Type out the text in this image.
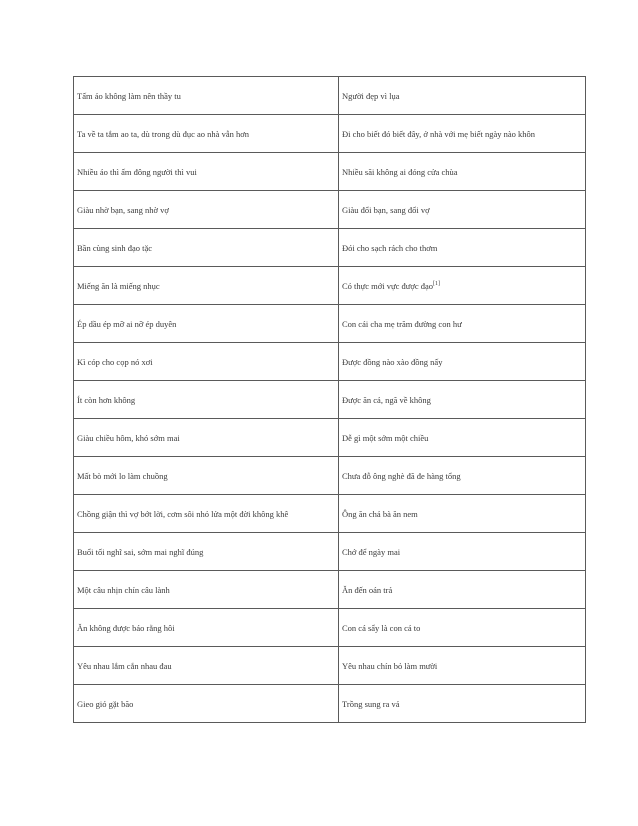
Tấm áo không làm nên thầy tu	Người đẹp vì lụa
Ta về ta tắm ao ta, dù trong dù đục ao nhà vẫn hơn	Đi cho biết đó biết đây, ở nhà với mẹ biết ngày nào khôn
Nhiều áo thì ấm đông người thì vui	Nhiều sãi không ai đóng cửa chùa
Giàu nhờ bạn, sang nhờ vợ	Giàu đổi bạn, sang đổi vợ
Bần cùng sinh đạo tặc	Đói cho sạch rách cho thơm
Miếng ăn là miếng nhục	Có thực mới vực được đạo[1]
Ép dầu ép mỡ ai nỡ ép duyên	Con cái cha mẹ trăm đường con hư
Kì cóp cho cọp nó xơi	Được đồng nào xào đồng nấy
Ít còn hơn không	Được ăn cả, ngã về không
Giàu chiều hôm, khó sớm mai	Dễ gì một sớm một chiều
Mất bò mới lo làm chuồng	Chưa đỗ ông nghè đã đe hàng tổng
Chồng giận thì vợ bớt lời, cơm sôi nhỏ lửa một đời không khê	Ông ăn chả bà ăn nem
Buổi tối nghĩ sai, sớm mai nghĩ đúng	Chớ để ngày mai
Một câu nhịn chín câu lành	Ăn đến oán trả
Ăn không được báo rằng hôi	Con cá sẩy là con cá to
Yêu nhau lắm cắn nhau đau	Yêu nhau chín bỏ làm mười
Gieo gió gặt bão	Trồng sung ra vả
